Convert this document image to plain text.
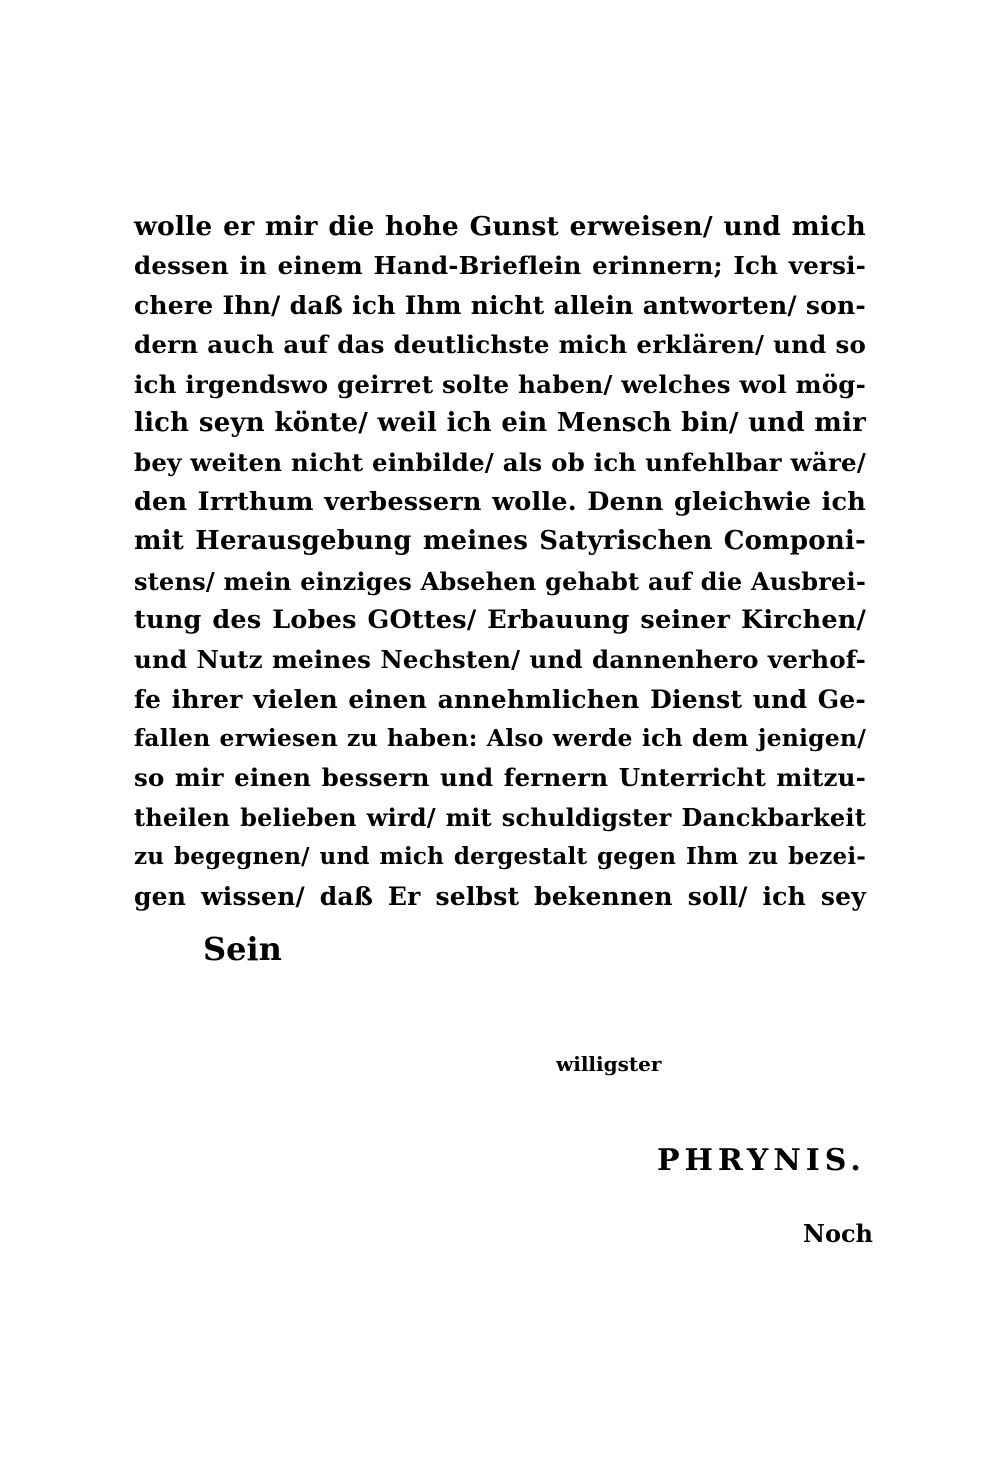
wolle er mir die hohe Gunst erweisen/ und mich
dessen in einem Hand-Brieflein erinnern; Ich versi-
chere Ihn/ daß ich Ihm nicht allein antworten/ son-
dern auch auf das deutlichste mich erklären/ und so
ich irgendswo geirret solte haben/ welches wol mög-
lich seyn könte/ weil ich ein Mensch bin/ und mir
bey weiten nicht einbilde/ als ob ich unfehlbar wäre/
den Irrthum verbessern wolle. Denn gleichwie ich
mit Herausgebung meines Satyrischen Componi-
stens/ mein einziges Absehen gehabt auf die Ausbrei-
tung des Lobes GOttes/ Erbauung seiner Kirchen/
und Nutz meines Nechsten/ und dannenhero verhof-
fe ihrer vielen einen annehmlichen Dienst und Ge-
fallen erwiesen zu haben: Also werde ich dem jenigen/
so mir einen bessern und fernern Unterricht mitzu-
theilen belieben wird/ mit schuldigster Danckbarkeit
zu begegnen/ und mich dergestalt gegen Ihm zu bezei-
gen wissen/ daß Er selbst bekennen soll/ ich sey

Sein

willigster

PHRYNIS.

Noch
